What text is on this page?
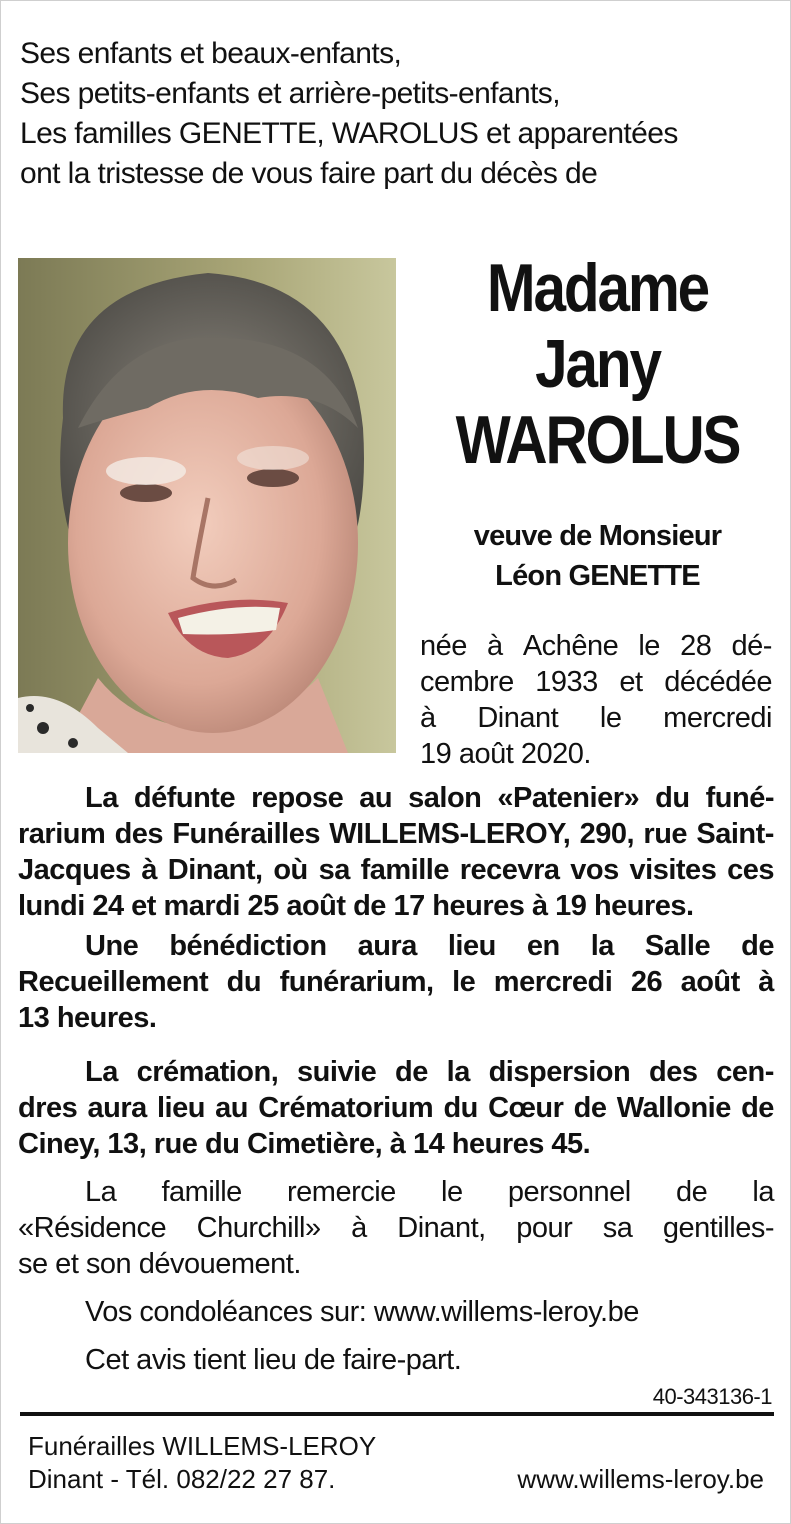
Ses enfants et beaux-enfants,
Ses petits-enfants et arrière-petits-enfants,
Les familles GENETTE, WAROLUS et apparentées
ont la tristesse de vous faire part du décès de
Madame
Jany
WAROLUS
veuve de Monsieur
Léon GENETTE
née à Achêne le 28 dé-
cembre 1933 et décédée
à Dinant le mercredi
19 août 2020.
La défunte repose au salon «Patenier» du funé-
rarium des Funérailles WILLEMS-LEROY, 290, rue Saint-
Jacques à Dinant, où sa famille recevra vos visites ces
lundi 24 et mardi 25 août de 17 heures à 19 heures.
Une bénédiction aura lieu en la Salle de
Recueillement du funérarium, le mercredi 26 août à
13 heures.
La crémation, suivie de la dispersion des cen-
dres aura lieu au Crématorium du Cœur de Wallonie de
Ciney, 13, rue du Cimetière, à 14 heures 45.
La famille remercie le personnel de la
«Résidence Churchill» à Dinant, pour sa gentilles-
se et son dévouement.
Vos condoléances sur: www.willems-leroy.be
Cet avis tient lieu de faire-part.
40-343136-1
Funérailles WILLEMS-LEROY
Dinant - Tél. 082/22 27 87.	www.willems-leroy.be
